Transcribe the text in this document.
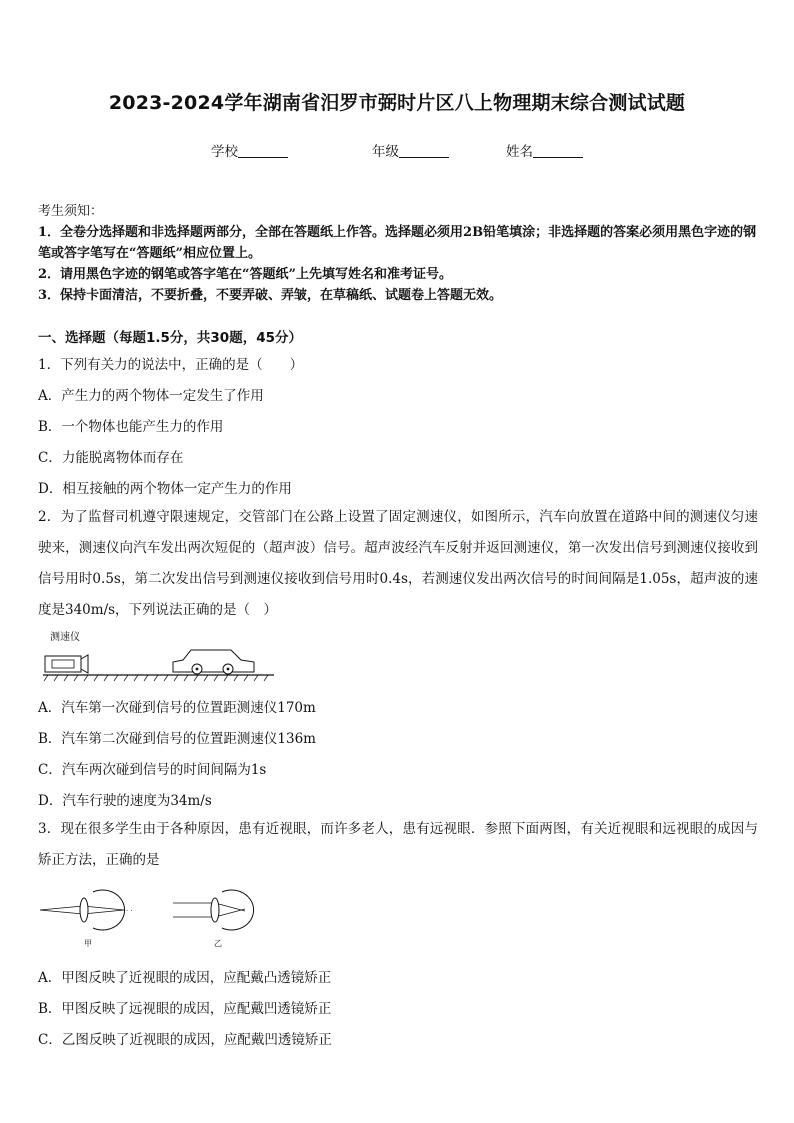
2023-2024学年湖南省汨罗市弼时片区八上物理期末综合测试试题
学校	年级	姓名
考生须知：
1．全卷分选择题和非选择题两部分，全部在答题纸上作答。选择题必须用2B铅笔填涂；非选择题的答案必须用黑色字迹的钢笔或答字笔写在“答题纸”相应位置上。
2．请用黑色字迹的钢笔或答字笔在“答题纸”上先填写姓名和准考证号。
3．保持卡面清洁，不要折叠，不要弄破、弄皱，在草稿纸、试题卷上答题无效。
一、选择题（每题1.5分，共30题，45分）
1．下列有关力的说法中，正确的是（　　）
A．产生力的两个物体一定发生了作用
B．一个物体也能产生力的作用
C．力能脱离物体而存在
D．相互接触的两个物体一定产生力的作用
2．为了监督司机遵守限速规定，交管部门在公路上设置了固定测速仪，如图所示，汽车向放置在道路中间的测速仪匀速驶来，测速仪向汽车发出两次短促的（超声波）信号。超声波经汽车反射并返回测速仪，第一次发出信号到测速仪接收到信号用时0.5s，第二次发出信号到测速仪接收到信号用时0.4s，若测速仪发出两次信号的时间间隔是1.05s，超声波的速度是340m/s，下列说法正确的是（　）
测速仪
A．汽车第一次碰到信号的位置距测速仪170m
B．汽车第二次碰到信号的位置距测速仪136m
C．汽车两次碰到信号的时间间隔为1s
D．汽车行驶的速度为34m/s
3．现在很多学生由于各种原因，患有近视眼，而许多老人，患有远视眼．参照下面两图，有关近视眼和远视眼的成因与矫正方法，正确的是
· ·
甲	乙
A．甲图反映了近视眼的成因，应配戴凸透镜矫正
B．甲图反映了远视眼的成因，应配戴凹透镜矫正
C．乙图反映了近视眼的成因，应配戴凹透镜矫正
